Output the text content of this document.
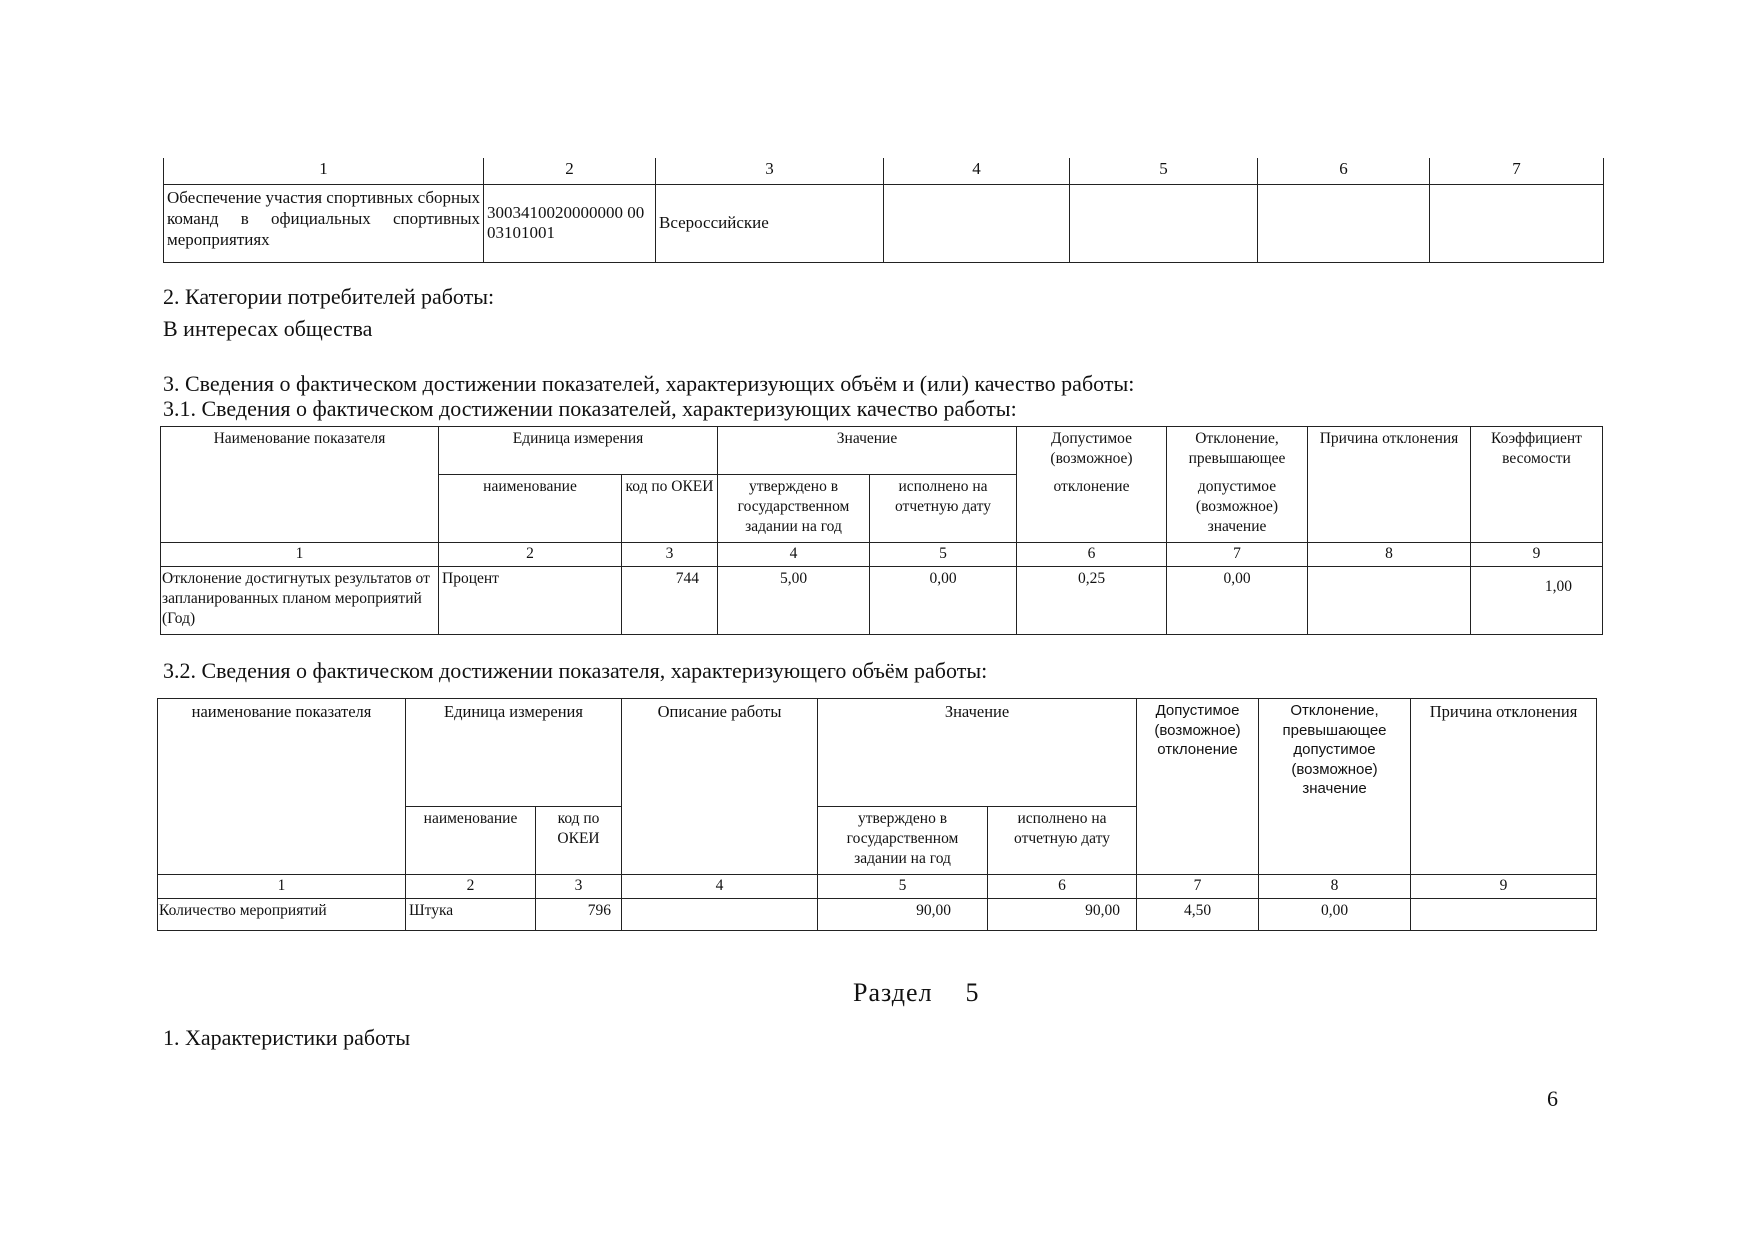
1	2	3	4	5	6	7
Обеспечение участия спортивных сборных команд в официальных спортивных мероприятиях	3003410020000000 0003101001	Всероссийские				
2. Категории потребителей работы:
В интересах общества
3. Сведения о фактическом достижении показателей, характеризующих объём и (или) качество работы:
3.1. Сведения о фактическом достижении показателей, характеризующих качество работы:
Наименование показателя	Единица измерения		Значение		Допустимое (возможное)	Отклонение, превышающее	Причина отклонения	Коэффициент весомости
	наименование	код по ОКЕИ	утверждено в государственном задании на год	исполнено на отчетную дату	отклонение	допустимое (возможное) значение		
1	2	3	4	5	6	7	8	9
Отклонение достигнутых результатов от запланированных планом мероприятий (Год)	Процент	744	5,00	0,00	0,25	0,00		1,00
3.2. Сведения о фактическом достижении показателя, характеризующего объём работы:
наименование показателя	Единица измерения		Описание работы	Значение		Допустимое (возможное) отклонение	Отклонение, превышающее допустимое (возможное) значение	Причина отклонения
	наименование	код по ОКЕИ		утверждено в государственном задании на год	исполнено на отчетную дату			
1	2	3	4	5	6	7	8	9
Количество мероприятий	Штука	796		90,00	90,00	4,50	0,00	
Раздел 5
1. Характеристики работы
6
